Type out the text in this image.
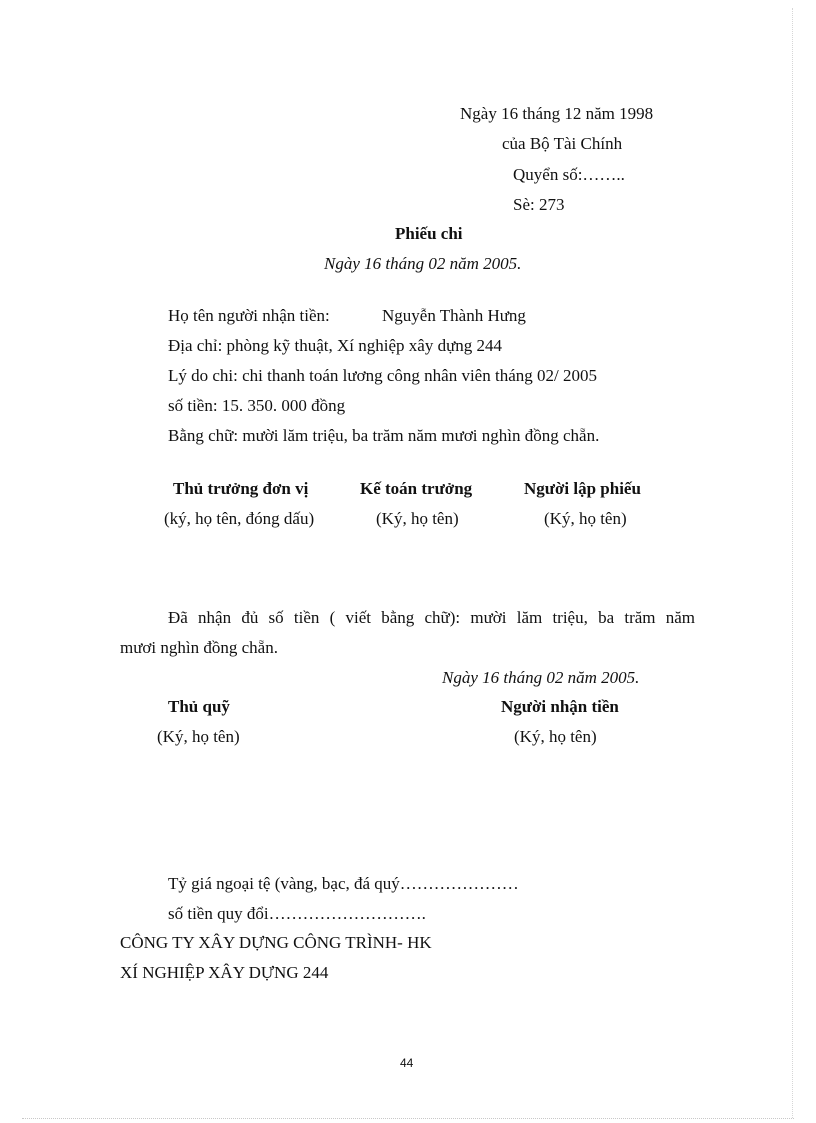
Ngày 16 tháng 12 năm 1998
của Bộ Tài Chính
Quyển số:……..
Sè: 273
Phiếu chi
Ngày 16 tháng 02 năm 2005.
Họ tên người nhận tiền:	Nguyễn Thành Hưng
Địa chỉ: phòng kỹ thuật, Xí nghiệp xây dựng 244
Lý do chi: chi thanh toán lương công nhân viên tháng 02/ 2005
số tiền: 15. 350. 000 đồng
Bằng chữ: mười lăm triệu, ba trăm năm mươi nghìn đồng chẵn.
Thủ trưởng đơn vị	Kế toán trưởng	Người lập phiếu
(ký, họ tên, đóng dấu)	(Ký, họ tên)	(Ký, họ tên)
Đã nhận đủ số tiền ( viết bằng chữ): mười lăm triệu, ba trăm năm
mươi nghìn đồng chẵn.
Ngày 16 tháng 02 năm 2005.
Thủ quỹ	Người nhận tiền
(Ký, họ tên)	(Ký, họ tên)
Tỷ giá ngoại tệ (vàng, bạc, đá quý…………………
số tiền quy đổi……………………….
CÔNG TY XÂY DỰNG CÔNG TRÌNH- HK
XÍ NGHIỆP XÂY DỰNG 244
44
